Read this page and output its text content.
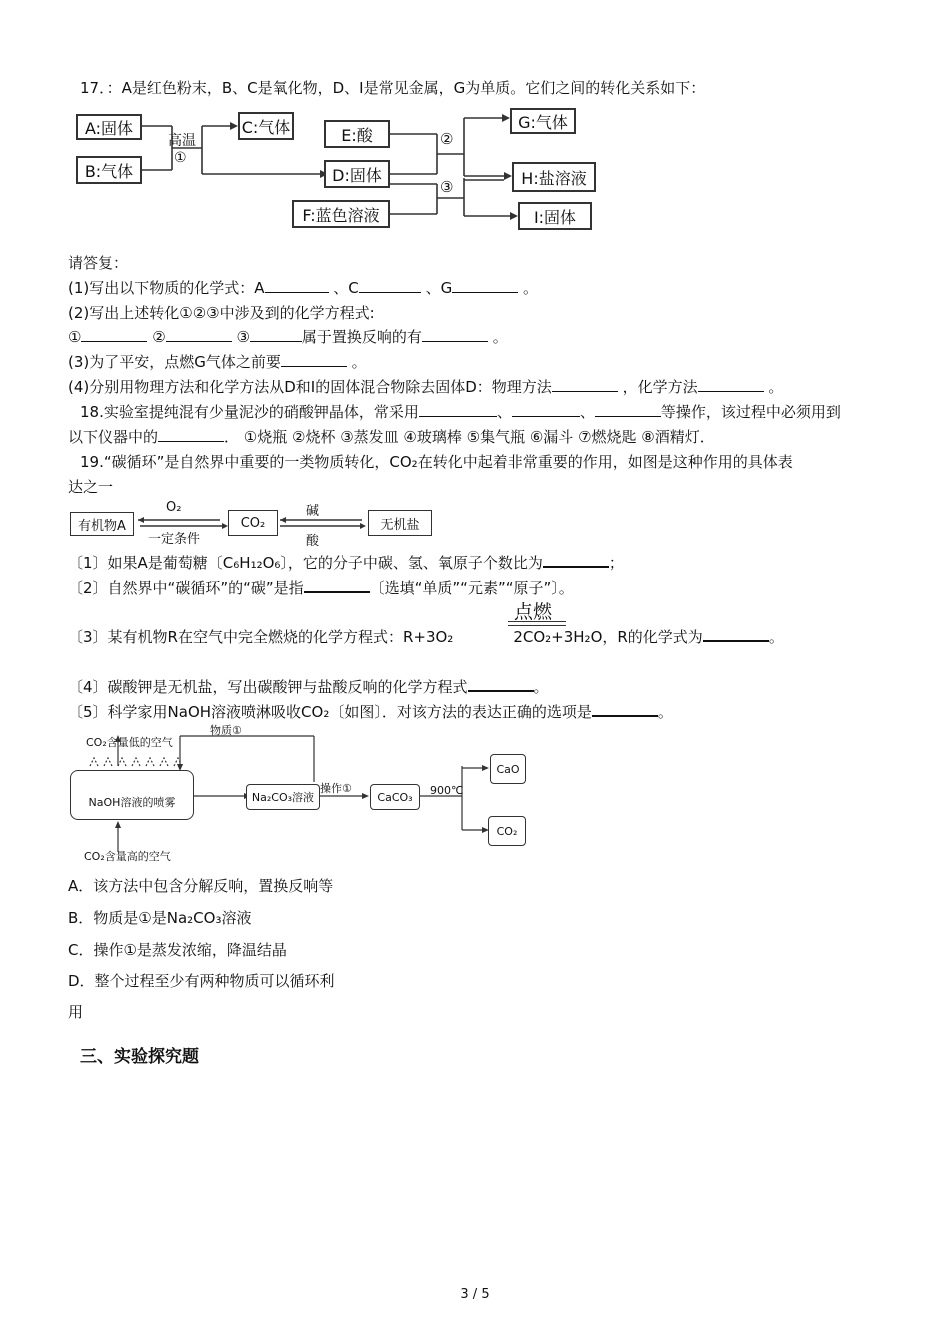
17．：A是红色粉末，B、C是氧化物，D、I是常见金属，G为单质。它们之间的转化关系如下：
A:固体
B:气体
高温
①
C:气体	E:酸
D:固体
F:蓝色溶液
②
③
G:气体
H:盐溶液
I:固体
请答复：
(1)写出以下物质的化学式：A	、C	、G	。
(2)写出上述转化①②③中涉及到的化学方程式:
①	②	③	属于置换反响的有	。
(3)为了平安，点燃G气体之前要	。
(4)分别用物理方法和化学方法从D和I的固体混合物除去固体D：物理方法	，化学方法	。
18.实验室提纯混有少量泥沙的硝酸钾晶体，常采用	、	、	等操作，该过程中必须用到
以下仪器中的	． ①烧瓶 ②烧杯 ③蒸发皿 ④玻璃棒 ⑤集气瓶 ⑥漏斗 ⑦燃烧匙 ⑧酒精灯．
19.“碳循环”是自然界中重要的一类物质转化，CO₂在转化中起着非常重要的作用，如图是这种作用的具体表
达之一
有机物A
O₂
一定条件
CO₂
碱
酸
无机盐
〔1〕如果A是葡萄糖〔C₆H₁₂O₆〕，它的分子中碳、氢、氧原子个数比为	；
〔2〕自然界中“碳循环”的“碳”是指	〔选填“单质”“元素”“原子”〕。
点燃
〔3〕某有机物R在空气中完全燃烧的化学方程式：R+3O₂	2CO₂+3H₂O，R的化学式为	。
〔4〕碳酸钾是无机盐，写出碳酸钾与盐酸反响的化学方程式	。
〔5〕科学家用NaOH溶液喷淋吸收CO₂〔如图〕．对该方法的表达正确的选项是	。
CO₂含量低的空气
物质①
NaOH溶液的喷雾	Na₂CO₃溶液
操作①
CaCO₃	900℃
CaO
CO₂
CO₂含量高的空气
A．该方法中包含分解反响，置换反响等
B．物质是①是Na₂CO₃溶液
C．操作①是蒸发浓缩，降温结晶
D．整个过程至少有两种物质可以循环利
用
三、实验探究题
3 / 5
